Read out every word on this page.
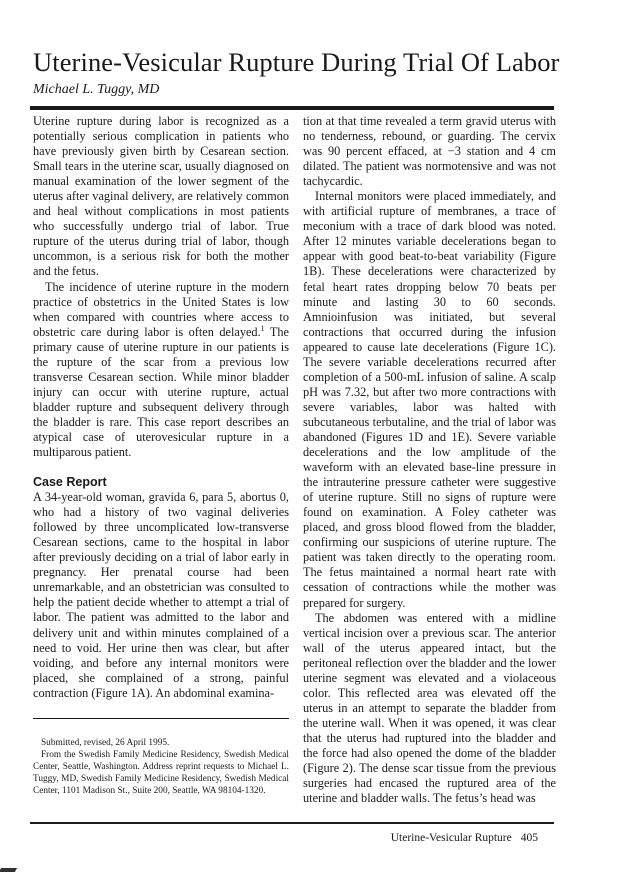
Uterine-Vesicular Rupture During Trial Of Labor
Michael L. Tuggy, MD

Uterine rupture during labor is recognized as a potentially serious complication in patients who have previously given birth by Cesarean section. Small tears in the uterine scar, usually diagnosed on manual examination of the lower segment of the uterus after vaginal delivery, are relatively common and heal without complications in most patients who successfully undergo trial of labor. True rupture of the uterus during trial of labor, though uncommon, is a serious risk for both the mother and the fetus.

The incidence of uterine rupture in the modern practice of obstetrics in the United States is low when compared with countries where access to obstetric care during labor is often delayed.$^1$ The primary cause of uterine rupture in our patients is the rupture of the scar from a previous low transverse Cesarean section. While minor bladder injury can occur with uterine rupture, actual bladder rupture and subsequent delivery through the bladder is rare. This case report describes an atypical case of uterovesicular rupture in a multiparous patient.

Case Report

A 34-year-old woman, gravida 6, para 5, abortus 0, who had a history of two vaginal deliveries followed by three uncomplicated low-transverse Cesarean sections, came to the hospital in labor after previously deciding on a trial of labor early in pregnancy. Her prenatal course had been unremarkable, and an obstetrician was consulted to help the patient decide whether to attempt a trial of labor. The patient was admitted to the labor and delivery unit and within minutes complained of a need to void. Her urine then was clear, but after voiding, and before any internal monitors were placed, she complained of a strong, painful contraction (Figure 1A). An abdominal examina-

Submitted, revised, 26 April 1995.

From the Swedish Family Medicine Residency, Swedish Medical Center, Seattle, Washington. Address reprint requests to Michael L. Tuggy, MD, Swedish Family Medicine Residency, Swedish Medical Center, 1101 Madison St., Suite 200, Seattle, WA 98104-1320.

tion at that time revealed a term gravid uterus with no tenderness, rebound, or guarding. The cervix was 90 percent effaced, at −3 station and 4 cm dilated. The patient was normotensive and was not tachycardic.

Internal monitors were placed immediately, and with artificial rupture of membranes, a trace of meconium with a trace of dark blood was noted. After 12 minutes variable decelerations began to appear with good beat-to-beat variability (Figure 1B). These decelerations were characterized by fetal heart rates dropping below 70 beats per minute and lasting 30 to 60 seconds. Amnioinfusion was initiated, but several contractions that occurred during the infusion appeared to cause late decelerations (Figure 1C). The severe variable decelerations recurred after completion of a 500-mL infusion of saline. A scalp pH was 7.32, but after two more contractions with severe variables, labor was halted with subcutaneous terbutaline, and the trial of labor was abandoned (Figures 1D and 1E). Severe variable decelerations and the low amplitude of the waveform with an elevated base-line pressure in the intrauterine pressure catheter were suggestive of uterine rupture. Still no signs of rupture were found on examination. A Foley catheter was placed, and gross blood flowed from the bladder, confirming our suspicions of uterine rupture. The patient was taken directly to the operating room. The fetus maintained a normal heart rate with cessation of contractions while the mother was prepared for surgery.

The abdomen was entered with a midline vertical incision over a previous scar. The anterior wall of the uterus appeared intact, but the peritoneal reflection over the bladder and the lower uterine segment was elevated and a violaceous color. This reflected area was elevated off the uterus in an attempt to separate the bladder from the uterine wall. When it was opened, it was clear that the uterus had ruptured into the bladder and the force had also opened the dome of the bladder (Figure 2). The dense scar tissue from the previous surgeries had encased the ruptured area of the uterine and bladder walls. The fetus’s head was

Uterine-Vesicular Rupture 405
